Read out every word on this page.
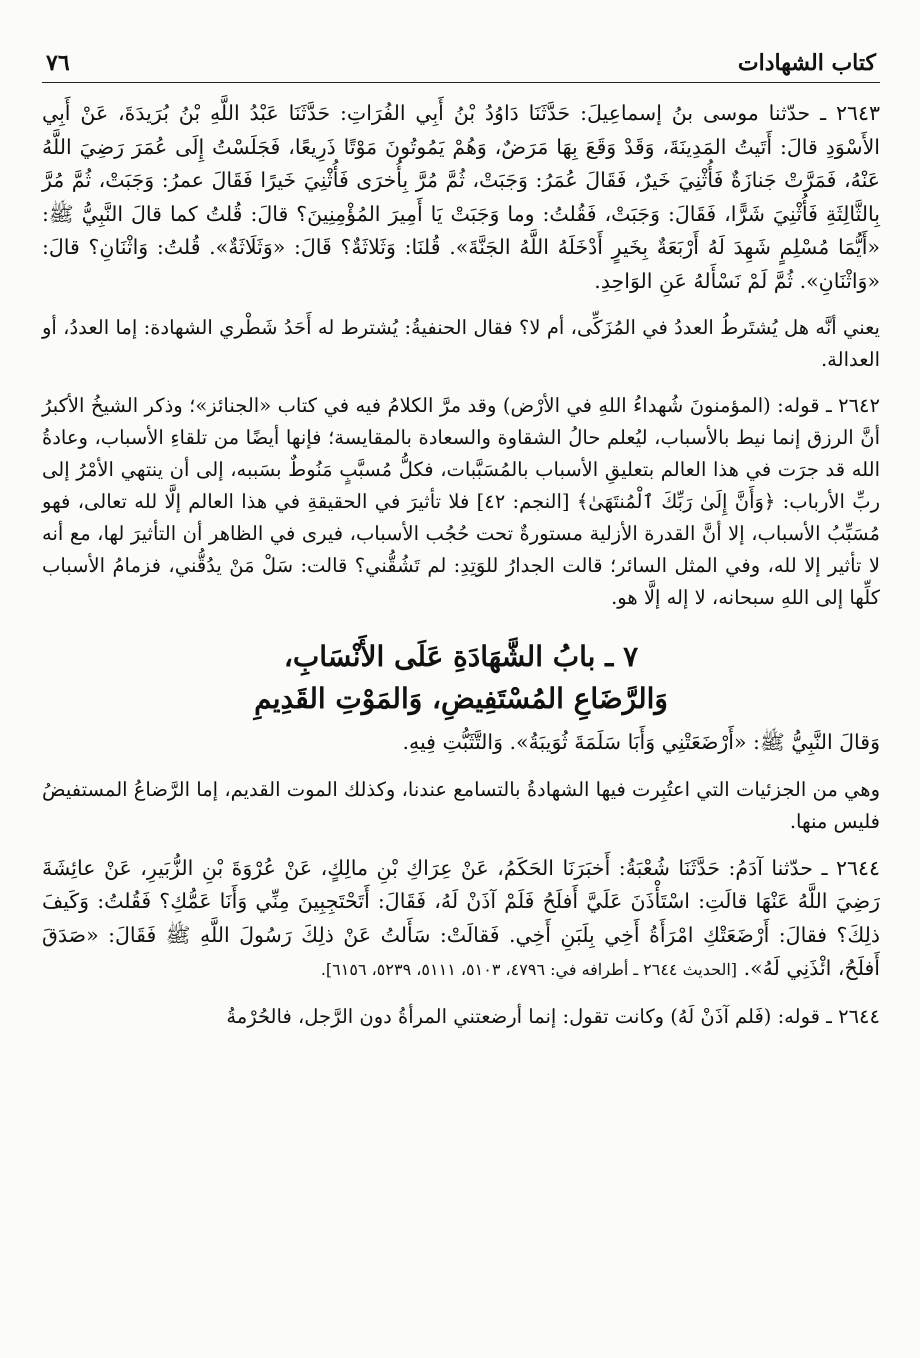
كتاب الشهادات
٧٦

٢٦٤٣ ـ حدّثنا موسى بنُ إسماعِيلَ: حَدَّثَنَا دَاوُدُ بْنُ أَبِي الفُرَاتِ: حَدَّثَنَا عَبْدُ اللَّهِ بْنُ بُرَيدَةَ، عَنْ أَبِي الأَسْوَدِ قالَ: أَتَيتُ المَدِينَةَ، وَقَدْ وَقَعَ بِهَا مَرَضٌ، وَهُمْ يَمُوتُونَ مَوْتًا ذَرِيعًا، فَجَلَسْتُ إِلَى عُمَرَ رَضِيَ اللَّهُ عَنْهُ، فَمَرَّتْ جَنازَةٌ فَأُثْنِيَ خَيرٌ، فَقَالَ عُمَرُ: وَجَبَتْ، ثُمَّ مُرَّ بِأُخرَى فَأُثْنِيَ خَيرًا فَقَالَ عمرُ: وَجَبَتْ، ثُمَّ مُرَّ بِالثَّالِثَةِ فَأُثْنِيَ شَرًّا، فَقَالَ: وَجَبَتْ، فَقُلتُ: وما وَجَبَتْ يَا أَمِيرَ المُؤْمِنِينَ؟ قالَ: قُلتُ كما قالَ النَّبِيُّ ﷺ: «أَيُّمَا مُسْلِمٍ شَهِدَ لَهُ أَرْبَعَةٌ بِخَيرٍ أَدْخَلَهُ اللَّهُ الجَنَّةَ». قُلنَا: وَثَلاثَةٌ؟ قَالَ: «وَثَلَاثَةٌ». قُلتُ: وَاثْنَانِ؟ قالَ: «وَاثْنَانِ». ثُمَّ لَمْ نَسْأَلهُ عَنِ الوَاحِدِ.

يعني أنَّه هل يُشتَرطُ العددُ في المُزَكِّى، أم لا؟ فقال الحنفيةُ: يُشترط له أَحَدُ شَطْري الشهادة: إما العددُ، أو العدالة.

٢٦٤٢ ـ قوله: (المؤمنونَ شُهداءُ اللهِ في الأرْض) وقد مرَّ الكلامُ فيه في كتاب «الجنائز»؛ وذكر الشيخُ الأكبرُ أنَّ الرزق إنما نيط بالأسباب، ليُعلم حالُ الشقاوة والسعادة بالمقايسة؛ فإنها أيضًا من تلقاءِ الأسباب، وعادةُ الله قد جرَت في هذا العالم بتعليقِ الأسباب بالمُسَبَّبات، فكلُّ مُسبَّبٍ مَنُوطٌ بسَببه، إلى أن ينتهي الأمْرُ إلى ربِّ الأرباب: ﴿وَأَنَّ إِلَىٰ رَبِّكَ ٱلْمُنتَهَىٰ﴾ [النجم: ٤٢] فلا تأثيرَ في الحقيقةِ في هذا العالم إلَّا لله تعالى، فهو مُسَبِّبُ الأسباب، إلا أنَّ القدرة الأزلية مستورةٌ تحت حُجُب الأسباب، فيرى في الظاهر أن التأثيرَ لها، مع أنه لا تأثير إلا لله، وفي المثل السائر؛ قالت الجدارُ للوَتِدِ: لم تَشُقُّني؟ قالت: سَلْ مَنْ يدُقُّني، فزمامُ الأسباب كلِّها إلى اللهِ سبحانه، لا إله إلَّا هو.

٧ ـ بابُ الشَّهَادَةِ عَلَى الأَنْسَابِ،
وَالرَّضَاعِ المُسْتَفِيضِ، وَالمَوْتِ القَدِيمِ

وَقالَ النَّبِيُّ ﷺ: «أَرْضَعَتْنِي وَأَبَا سَلَمَةَ ثُوَيبَةُ». وَالتَّثَبُّتِ فِيهِ.

وهي من الجزئيات التي اعتُبِرت فيها الشهادةُ بالتسامع عندنا، وكذلك الموت القديم، إما الرَّضاعُ المستفيضُ فليس منها.

٢٦٤٤ ـ حدّثنا آدَمُ: حَدَّثَنَا شُعْبَةُ: أَخبَرَنَا الحَكَمُ، عَنْ عِرَاكِ بْنِ مالِكٍ، عَنْ عُرْوَةَ بْنِ الزُّبَيرِ، عَنْ عائِشَةَ رَضِيَ اللَّهُ عَنْهَا قالَتِ: اسْتَأْذَنَ عَلَيَّ أَفلَحُ فَلَمْ آذَنْ لَهُ، فَقَالَ: أَتَحْتَجِبِينَ مِنِّي وَأَنَا عَمُّكِ؟ فَقُلتُ: وَكَيفَ ذلِكَ؟ فقالَ: أَرْضَعَتْكِ امْرَأَةُ أَخِي بِلَبَنِ أَخِي. فَقالَتْ: سَأَلتُ عَنْ ذلِكَ رَسُولَ اللَّهِ ﷺ فَقَالَ: «صَدَقَ أَفلَحُ، ائْذَنِي لَهُ». [الحديث ٢٦٤٤ ـ أطرافه في: ٤٧٩٦، ٥١٠٣، ٥١١١، ٥٢٣٩، ٦١٥٦].

٢٦٤٤ ـ قوله: (فَلم آذَنْ لَهُ) وكانت تقول: إنما أرضعتني المرأةُ دون الرَّجل، فالحُرْمةُ
